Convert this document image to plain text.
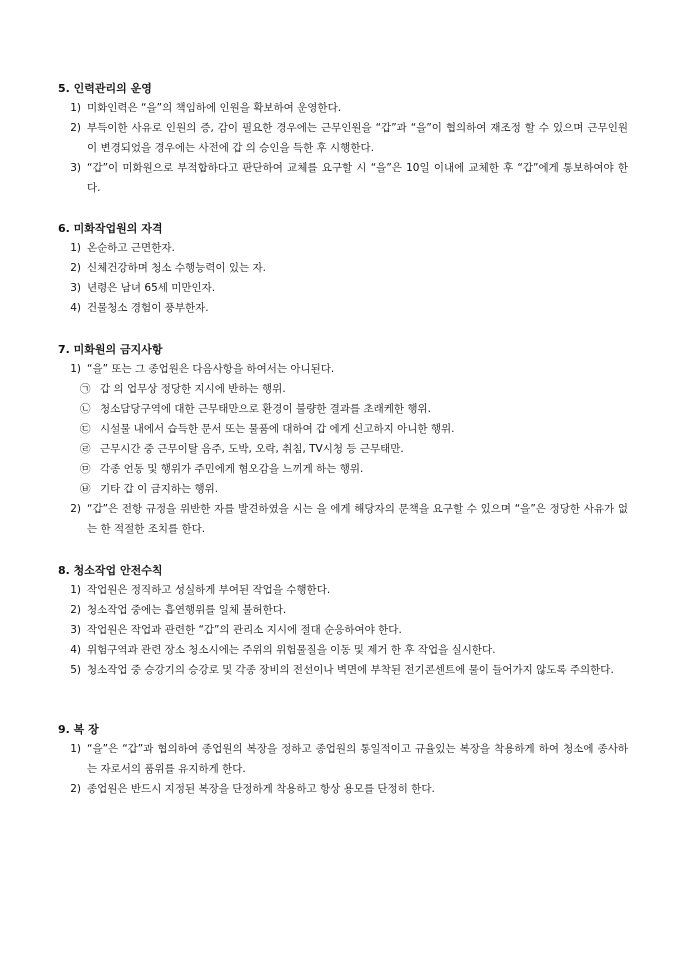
5. 인력관리의 운영
1) 미화인력은 “을”의 책임하에 인원을 확보하여 운영한다.
2) 부득이한 사유로 인원의 증, 감이 필요한 경우에는 근무인원을 “갑”과 “을”이 협의하여 재조정 할 수 있으며 근무인원이 변경되었을 경우에는 사전에 갑 의 승인을 득한 후 시행한다.
3) “갑”이 미화원으로 부적합하다고 판단하여 교체를 요구할 시 “을”은 10일 이내에 교체한 후 “갑”에게 통보하여야 한다.
6. 미화작업원의 자격
1) 온순하고 근면한자.
2) 신체건강하며 청소 수행능력이 있는 자.
3) 년령은 남녀 65세 미만인자.
4) 건물청소 경험이 풍부한자.
7. 미화원의 금지사항
1) “을” 또는 그 종업원은 다음사항을 하여서는 아니된다.
㉠ 갑 의 업무상 정당한 지시에 반하는 행위.
㉡ 청소담당구역에 대한 근무태만으로 환경이 불량한 결과를 초래케한 행위.
㉢ 시설물 내에서 습득한 문서 또는 물품에 대하여 갑 에게 신고하지 아니한 행위.
㉣ 근무시간 중 근무이탈 음주, 도박, 오락, 취침, TV시청 등 근무태만.
㉤ 각종 언동 및 행위가 주민에게 혐오감을 느끼게 하는 행위.
㉥ 기타 갑 이 금지하는 행위.
2) “갑”은 전항 규정을 위반한 자를 발견하였을 시는 을 에게 해당자의 문책을 요구할 수 있으며 “을”은 정당한 사유가 없는 한 적절한 조치를 한다.
8. 청소작업 안전수칙
1) 작업원은 정직하고 성실하게 부여된 작업을 수행한다.
2) 청소작업 중에는 흡연행위를 일체 불허한다.
3) 작업원은 작업과 관련한 “갑”의 관리소 지시에 절대 순응하여야 한다.
4) 위험구역과 관련 장소 청소시에는 주위의 위험물질을 이동 및 제거 한 후 작업을 실시한다.
5) 청소작업 중 승강기의 승강로 및 각종 장비의 전선이나 벽면에 부착된 전기콘센트에 물이 들어가지 않도록 주의한다.
9. 복 장
1) “을”은 “갑”과 협의하여 종업원의 복장을 정하고 종업원의 통일적이고 규율있는 복장을 착용하게 하여 청소에 종사하는 자로서의 품위를 유지하게 한다.
2) 종업원은 반드시 지정된 복장을 단정하게 착용하고 항상 용모를 단정히 한다.
